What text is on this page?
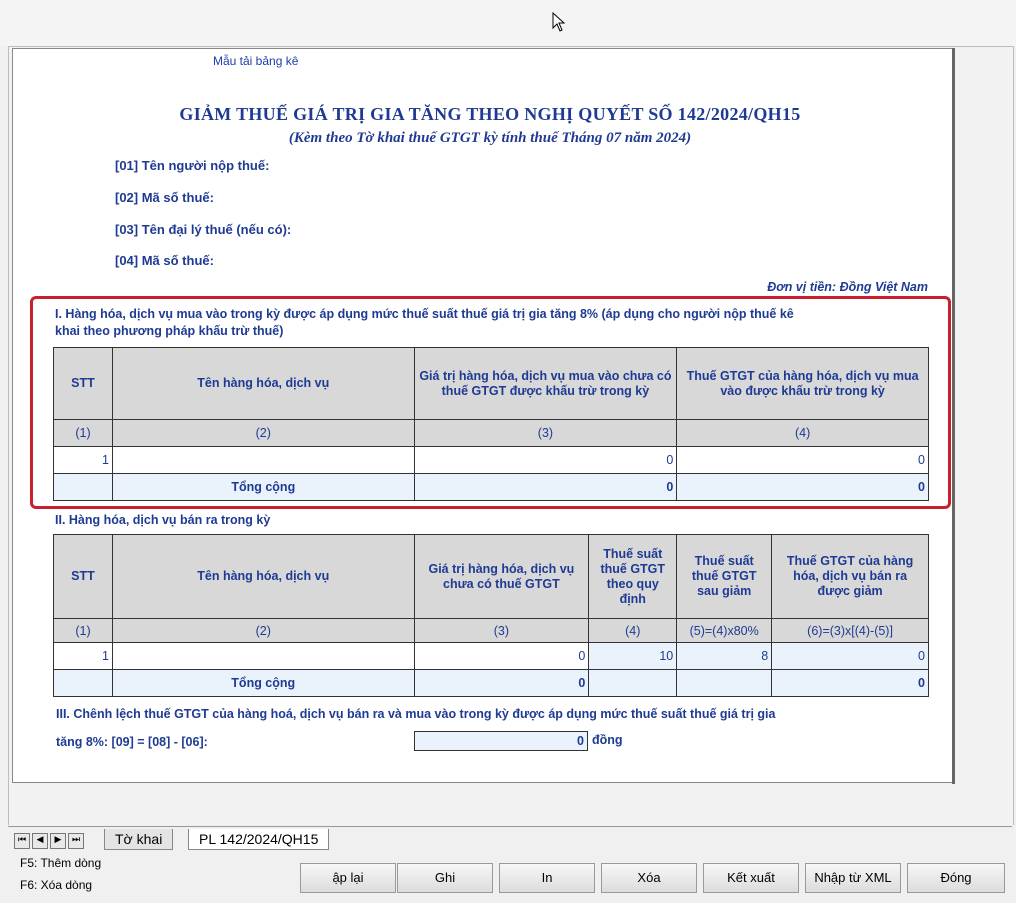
Mẫu tải bảng kê
GIẢM THUẾ GIÁ TRỊ GIA TĂNG THEO NGHỊ QUYẾT SỐ 142/2024/QH15
(Kèm theo Tờ khai thuế GTGT kỳ tính thuế Tháng 07 năm 2024)
[01] Tên người nộp thuế:
[02] Mã số thuế:
[03] Tên đại lý thuế (nếu có):
[04] Mã số thuế:
Đơn vị tiền: Đồng Việt Nam
I. Hàng hóa, dịch vụ mua vào trong kỳ được áp dụng mức thuế suất thuế giá trị gia tăng 8% (áp dụng cho người nộp thuế kê
khai theo phương pháp khấu trừ thuế)
STT	Tên hàng hóa, dịch vụ	Giá trị hàng hóa, dịch vụ mua vào chưa có thuế GTGT được khấu trừ trong kỳ	Thuế GTGT của hàng hóa, dịch vụ mua vào được khấu trừ trong kỳ
(1)	(2)	(3)	(4)
1		0	0
	Tổng cộng	0	0
II. Hàng hóa, dịch vụ bán ra trong kỳ
STT	Tên hàng hóa, dịch vụ	Giá trị hàng hóa, dịch vụ chưa có thuế GTGT	Thuế suất thuế GTGT theo quy định	Thuế suất thuế GTGT sau giảm	Thuế GTGT của hàng hóa, dịch vụ bán ra được giảm
(1)	(2)	(3)	(4)	(5)=(4)x80%	(6)=(3)x[(4)-(5)]
1		0	10	8	0
	Tổng cộng	0			0
III. Chênh lệch thuế GTGT của hàng hoá, dịch vụ bán ra và mua vào trong kỳ được áp dụng mức thuế suất thuế giá trị gia
tăng 8%: [09] = [08] - [06]:	0 đồng
⏮	◀	▶	⏭	Tờ khai	PL 142/2024/QH15
F5: Thêm dòng
F6: Xóa dòng	ập lại	Ghi	In	Xóa	Kết xuất	Nhập từ XML	Đóng
